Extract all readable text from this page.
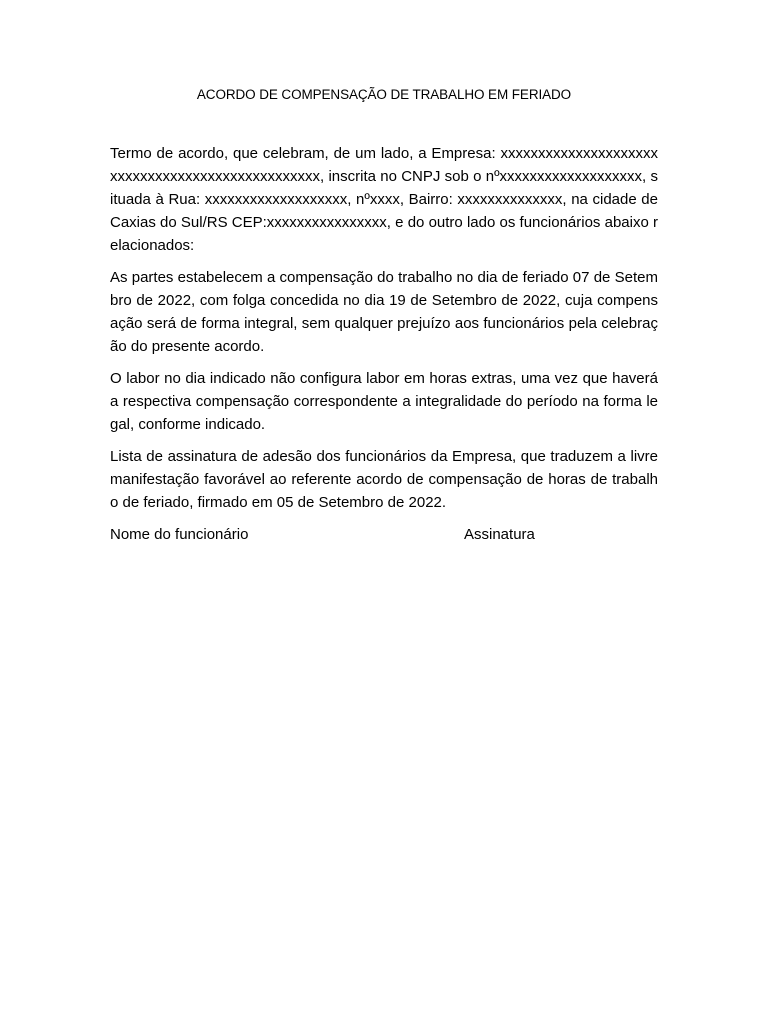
ACORDO DE COMPENSAÇÃO DE TRABALHO EM FERIADO

Termo de acordo, que celebram, de um lado, a Empresa: xxxxxxxxxxxxxxxxxxxxxxxxxxxxxxxxxxxxxxxxxxxxxxxxx, inscrita no CNPJ sob o nºxxxxxxxxxxxxxxxxxxx, situada à Rua: xxxxxxxxxxxxxxxxxxx, nºxxxx, Bairro: xxxxxxxxxxxxxx, na cidade de Caxias do Sul/RS CEP:xxxxxxxxxxxxxxxx, e do outro lado os funcionários abaixo relacionados:

As partes estabelecem a compensação do trabalho no dia de feriado 07 de Setembro de 2022, com folga concedida no dia 19 de Setembro de 2022, cuja compensação será de forma integral, sem qualquer prejuízo aos funcionários pela celebração do presente acordo.

O labor no dia indicado não configura labor em horas extras, uma vez que haverá a respectiva compensação correspondente a integralidade do período na forma legal, conforme indicado.

Lista de assinatura de adesão dos funcionários da Empresa, que traduzem a livre manifestação favorável ao referente acordo de compensação de horas de trabalho de feriado, firmado em 05 de Setembro de 2022.

Nome do funcionário	Assinatura
